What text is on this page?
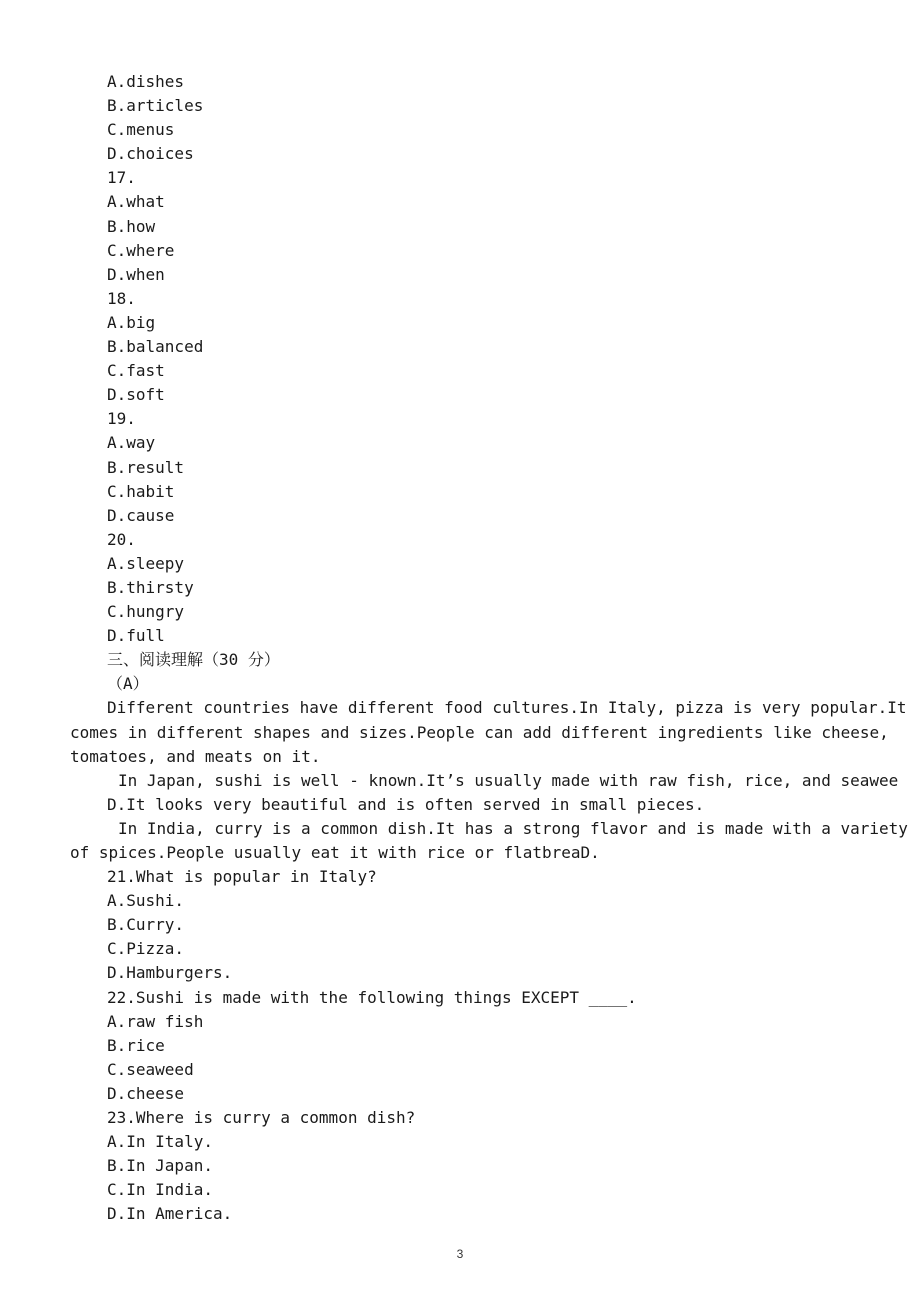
A.dishes
B.articles
C.menus
D.choices
17.
A.what
B.how
C.where
D.when
18.
A.big
B.balanced
C.fast
D.soft
19.
A.way
B.result
C.habit
D.cause
20.
A.sleepy
B.thirsty
C.hungry
D.full
三、阅读理解（30 分）
（A）
Different countries have different food cultures.In Italy, pizza is very popular.It
comes in different shapes and sizes.People can add different ingredients like cheese,
tomatoes, and meats on it.
In Japan, sushi is well - known.It’s usually made with raw fish, rice, and seawee
D.It looks very beautiful and is often served in small pieces.
In India, curry is a common dish.It has a strong flavor and is made with a variety
of spices.People usually eat it with rice or flatbreaD.
21.What is popular in Italy?
A.Sushi.
B.Curry.
C.Pizza.
D.Hamburgers.
22.Sushi is made with the following things EXCEPT ____.
A.raw fish
B.rice
C.seaweed
D.cheese
23.Where is curry a common dish?
A.In Italy.
B.In Japan.
C.In India.
D.In America.
3
